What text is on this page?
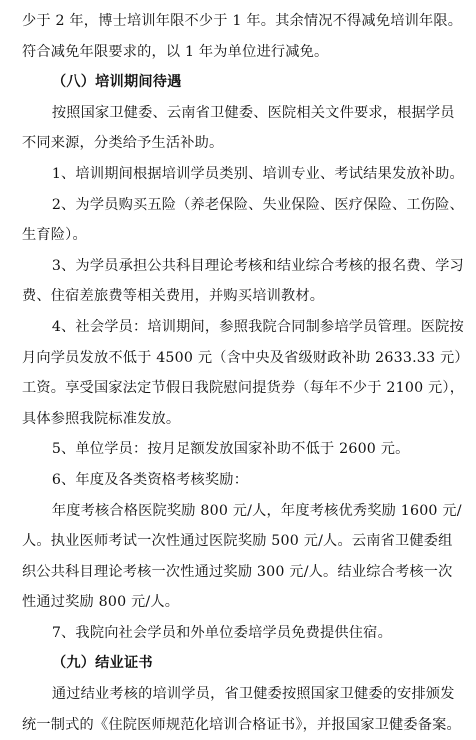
少于 2 年，博士培训年限不少于 1 年。其余情况不得减免培训年限。

符合减免年限要求的，以 1 年为单位进行减免。

（八）培训期间待遇

按照国家卫健委、云南省卫健委、医院相关文件要求，根据学员不同来源，分类给予生活补助。

1、培训期间根据培训学员类别、培训专业、考试结果发放补助。

2、为学员购买五险（养老保险、失业保险、医疗保险、工伤险、生育险）。

3、为学员承担公共科目理论考核和结业综合考核的报名费、学习费、住宿差旅费等相关费用，并购买培训教材。

4、社会学员：培训期间，参照我院合同制参培学员管理。医院按月向学员发放不低于 4500 元（含中央及省级财政补助 2633.33 元）工资。享受国家法定节假日我院慰问提货券（每年不少于 2100 元），具体参照我院标准发放。

5、单位学员：按月足额发放国家补助不低于 2600 元。

6、年度及各类资格考核奖励：

年度考核合格医院奖励 800 元/人，年度考核优秀奖励 1600 元/人。执业医师考试一次性通过医院奖励 500 元/人。云南省卫健委组织公共科目理论考核一次性通过奖励 300 元/人。结业综合考核一次性通过奖励 800 元/人。

7、我院向社会学员和外单位委培学员免费提供住宿。

（九）结业证书

通过结业考核的培训学员，省卫健委按照国家卫健委的安排颁发统一制式的《住院医师规范化培训合格证书》，并报国家卫健委备案。
